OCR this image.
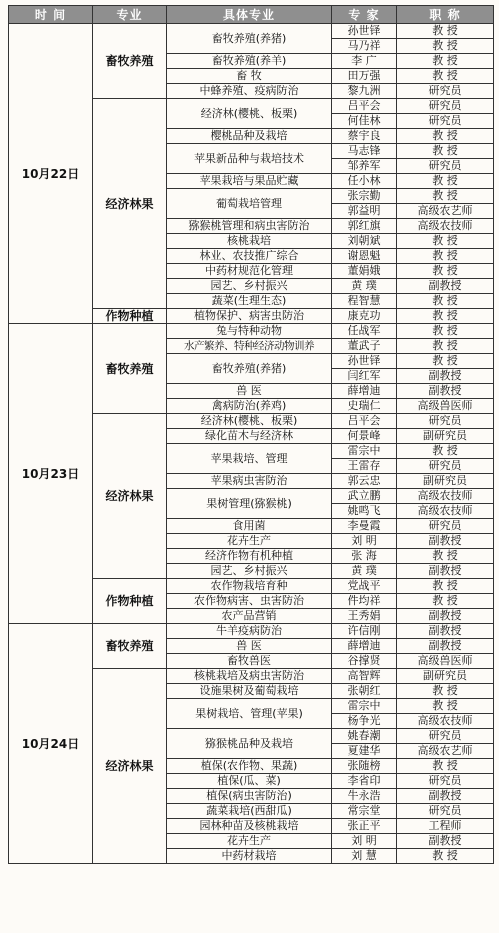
时 间	专业	具体专业	专 家	职 称
10月22日	畜牧养殖	畜牧养殖(养猪)	孙世铎	教 授
			马乃祥	教 授
		畜牧养殖(养羊)	李 广	教 授
		畜 牧	田万强	教 授
		中蜂养殖、疫病防治	黎九洲	研究员
	经济林果	经济林(樱桃、板栗)	吕平会	研究员
			何佳林	研究员
		樱桃品种及栽培	蔡宇良	教 授
		苹果新品种与栽培技术	马志锋	教 授
			邹养军	研究员
		苹果栽培与果品贮藏	任小林	教 授
		葡萄栽培管理	张宗勤	教 授
			郭益明	高级农艺师
		猕猴桃管理和病虫害防治	郭红旗	高级农技师
		核桃栽培	刘朝斌	教 授
		林业、农技推广综合	谢恩魁	教 授
		中药材规范化管理	董娟娥	教 授
		园艺、乡村振兴	黄 璞	副教授
		蔬菜(生理生态)	程智慧	教 授
	作物种植	植物保护、病害虫防治	康克功	教 授
10月23日	畜牧养殖	兔与特种动物	任战军	教 授
		水产繁养、特种经济动物训养	董武子	教 授
		畜牧养殖(养猪)	孙世铎	教 授
			闫红军	副教授
		兽 医	薛增迪	副教授
		禽病防治(养鸡)	史瑞仁	高级兽医师
	经济林果	经济林(樱桃、板栗)	吕平会	研究员
		绿化苗木与经济林	何景峰	副研究员
		苹果栽培、管理	雷宗中	教 授
			王雷存	研究员
		苹果病虫害防治	郭云忠	副研究员
		果树管理(猕猴桃)	武立鹏	高级农技师
			姚鸣飞	高级农技师
		食用菌	李曼霞	研究员
		花卉生产	刘 明	副教授
		经济作物有机种植	张 海	教 授
		园艺、乡村振兴	黄 璞	副教授
	作物种植	农作物栽培育种	党战平	教 授
		农作物病害、虫害防治	件均祥	教 授
		农产品营销	王秀娟	副教授
10月24日	畜牧养殖	牛羊疫病防治	许信刚	副教授
		兽 医	薛增迪	副教授
		畜牧兽医	谷撑贤	高级兽医师
	经济林果	核桃栽培及病虫害防治	高智辉	副研究员
		设施果树及葡萄栽培	张朝红	教 授
		果树栽培、管理(苹果)	雷宗中	教 授
			杨争光	高级农技师
		猕猴桃品种及栽培	姚春潮	研究员
			夏建华	高级农艺师
		植保(农作物、果蔬)	张随榜	教 授
		植保(瓜、菜)	李省印	研究员
		植保(病虫害防治)	牛永浩	副教授
		蔬菜栽培(西甜瓜)	常宗堂	研究员
		园林种苗及核桃栽培	张正平	工程师
		花卉生产	刘 明	副教授
		中药材栽培	刘 慧	教 授
